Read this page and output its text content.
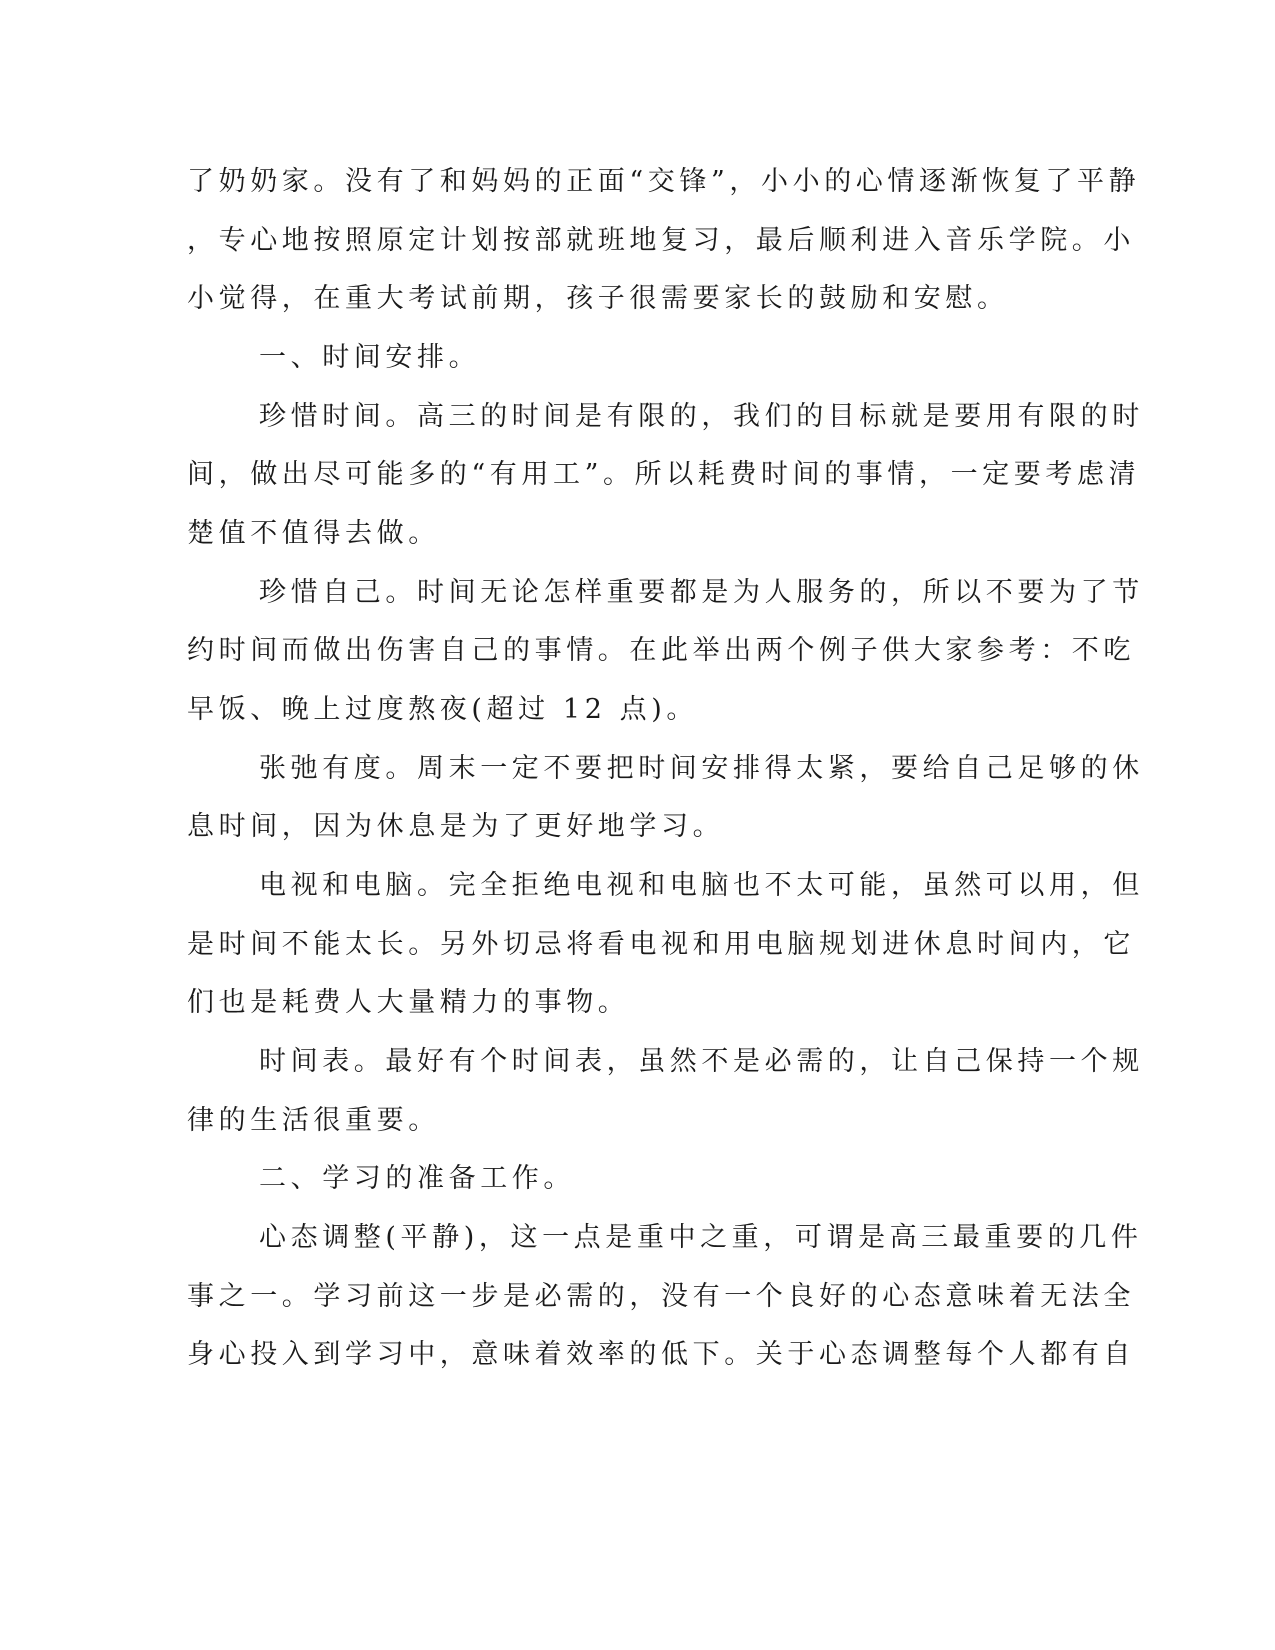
了奶奶家。没有了和妈妈的正面“交锋”，小小的心情逐渐恢复了平静
，专心地按照原定计划按部就班地复习，最后顺利进入音乐学院。小
小觉得，在重大考试前期，孩子很需要家长的鼓励和安慰。
一、时间安排。
珍惜时间。高三的时间是有限的，我们的目标就是要用有限的时
间，做出尽可能多的“有用工”。所以耗费时间的事情，一定要考虑清
楚值不值得去做。
珍惜自己。时间无论怎样重要都是为人服务的，所以不要为了节
约时间而做出伤害自己的事情。在此举出两个例子供大家参考：不吃
早饭、晚上过度熬夜(超过 12 点)。
张弛有度。周末一定不要把时间安排得太紧，要给自己足够的休
息时间，因为休息是为了更好地学习。
电视和电脑。完全拒绝电视和电脑也不太可能，虽然可以用，但
是时间不能太长。另外切忌将看电视和用电脑规划进休息时间内，它
们也是耗费人大量精力的事物。
时间表。最好有个时间表，虽然不是必需的，让自己保持一个规
律的生活很重要。
二、学习的准备工作。
心态调整(平静)，这一点是重中之重，可谓是高三最重要的几件
事之一。学习前这一步是必需的，没有一个良好的心态意味着无法全
身心投入到学习中，意味着效率的低下。关于心态调整每个人都有自
